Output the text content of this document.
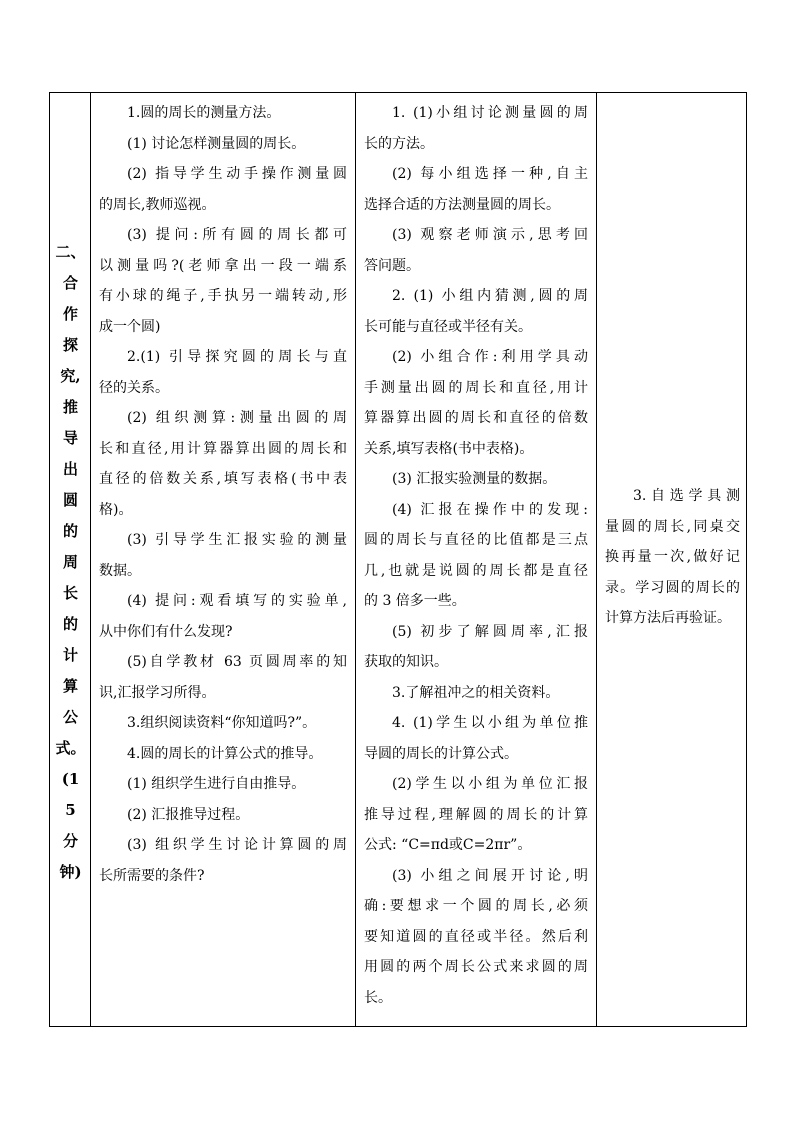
二、
合
作
探
究,
推
导
出
圆
的
周
长
的
计
算
公
式。
(1
5
分
钟)
1.圆的周长的测量方法。
(1) 讨论怎样测量圆的周长。
(2) 指导学生动手操作测量圆
的周长,教师巡视。
(3) 提问:所有圆的周长都可
以测量吗?(老师拿出一段一端系
有小球的绳子,手执另一端转动,形
成一个圆)
2.(1) 引导探究圆的周长与直
径的关系。
(2) 组织测算:测量出圆的周
长和直径,用计算器算出圆的周长和
直径的倍数关系,填写表格(书中表
格)。
(3) 引导学生汇报实验的测量
数据。
(4) 提问:观看填写的实验单,
从中你们有什么发现?
(5)自学教材 63 页圆周率的知
识,汇报学习所得。
3.组织阅读资料“你知道吗?”。
4.圆的周长的计算公式的推导。
(1) 组织学生进行自由推导。
(2) 汇报推导过程。
(3) 组织学生讨论计算圆的周
长所需要的条件?
1. (1)小组讨论测量圆的周
长的方法。
(2) 每小组选择一种,自主
选择合适的方法测量圆的周长。
(3) 观察老师演示,思考回
答问题。
2. (1) 小组内猜测,圆的周
长可能与直径或半径有关。
(2) 小组合作:利用学具动
手测量出圆的周长和直径,用计
算器算出圆的周长和直径的倍数
关系,填写表格(书中表格)。
(3) 汇报实验测量的数据。
(4) 汇报在操作中的发现:
圆的周长与直径的比值都是三点
几,也就是说圆的周长都是直径
的 3 倍多一些。
(5) 初步了解圆周率,汇报
获取的知识。
3.了解祖冲之的相关资料。
4. (1)学生以小组为单位推
导圆的周长的计算公式。
(2)学生以小组为单位汇报
推导过程,理解圆的周长的计算
公式: “C=πd或C=2πr”。
(3) 小组之间展开讨论,明
确:要想求一个圆的周长,必须
要知道圆的直径或半径。然后利
用圆的两个周长公式来求圆的周
长。
3. 自 选 学 具 测
量圆的周长,同桌交
换再量一次,做好记
录。学习圆的周长的
计算方法后再验证。
